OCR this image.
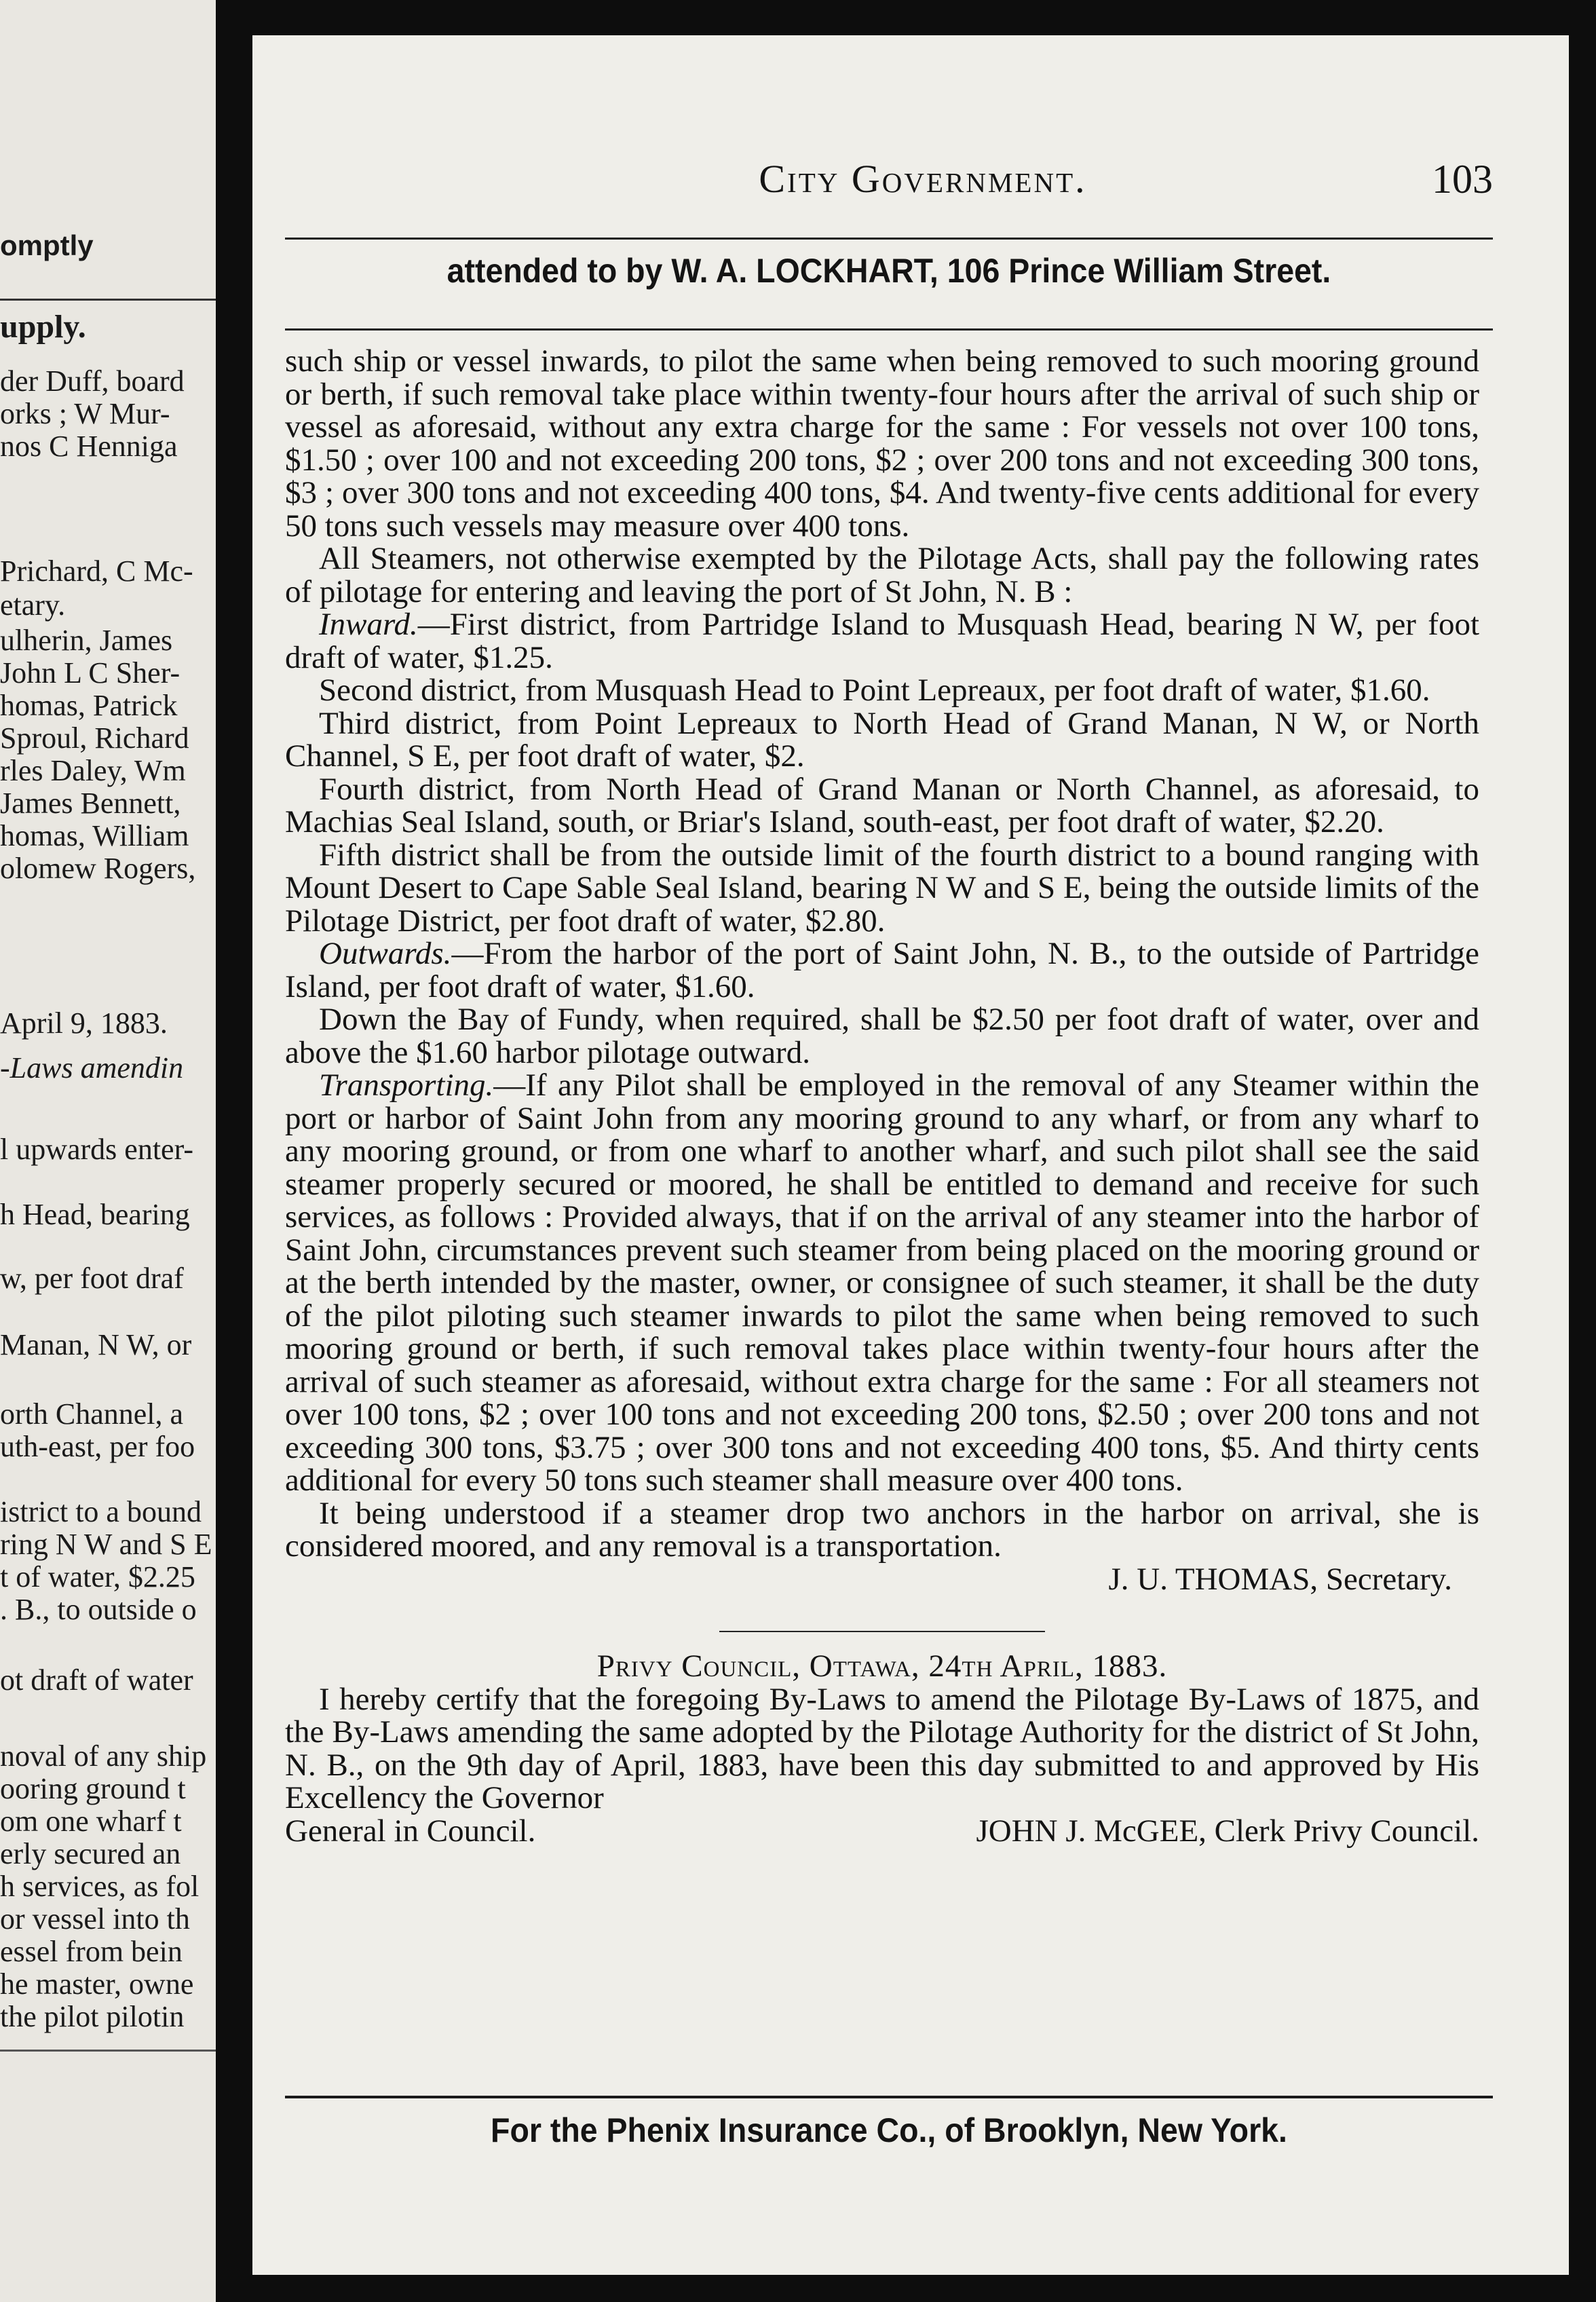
omptly
upply.
der Duff, board
orks ; W Mur-
nos C Henniga
Prichard, C Mc-
etary.
ulherin, James
John L C Sher-
homas, Patrick
Sproul, Richard
rles Daley, Wm
James Bennett,
homas, William
olomew Rogers,
April 9, 1883.
-Laws amendin
l upwards enter-
h Head, bearing
w, per foot draf
Manan, N W, or
orth Channel, a
uth-east, per foo
istrict to a bound
ring N W and S E
t of water, $2.25
. B., to outside o
ot draft of water
noval of any ship
ooring ground t
om one wharf t
erly secured an
h services, as fol
or vessel into th
essel from bein
he master, owne
the pilot pilotin
City Government.	103
attended to by W. A. LOCKHART, 106 Prince William Street.

such ship or vessel inwards, to pilot the same when being removed to such mooring ground or berth, if such removal take place within twenty-four hours after the arrival of such ship or vessel as aforesaid, without any extra charge for the same : For vessels not over 100 tons, $1.50 ; over 100 and not exceeding 200 tons, $2 ; over 200 tons and not exceeding 300 tons, $3 ; over 300 tons and not exceeding 400 tons, $4. And twenty-five cents additional for every 50 tons such vessels may measure over 400 tons.

All Steamers, not otherwise exempted by the Pilotage Acts, shall pay the following rates of pilotage for entering and leaving the port of St John, N. B :

Inward.—First district, from Partridge Island to Musquash Head, bearing N W, per foot draft of water, $1.25.

Second district, from Musquash Head to Point Lepreaux, per foot draft of water, $1.60.

Third district, from Point Lepreaux to North Head of Grand Manan, N W, or North Channel, S E, per foot draft of water, $2.

Fourth district, from North Head of Grand Manan or North Channel, as aforesaid, to Machias Seal Island, south, or Briar's Island, south-east, per foot draft of water, $2.20.

Fifth district shall be from the outside limit of the fourth district to a bound ranging with Mount Desert to Cape Sable Seal Island, bearing N W and S E, being the outside limits of the Pilotage District, per foot draft of water, $2.80.

Outwards.—From the harbor of the port of Saint John, N. B., to the outside of Partridge Island, per foot draft of water, $1.60.

Down the Bay of Fundy, when required, shall be $2.50 per foot draft of water, over and above the $1.60 harbor pilotage outward.

Transporting.—If any Pilot shall be employed in the removal of any Steamer within the port or harbor of Saint John from any mooring ground to any wharf, or from any wharf to any mooring ground, or from one wharf to another wharf, and such pilot shall see the said steamer properly secured or moored, he shall be entitled to demand and receive for such services, as follows : Provided always, that if on the arrival of any steamer into the harbor of Saint John, circumstances prevent such steamer from being placed on the mooring ground or at the berth intended by the master, owner, or consignee of such steamer, it shall be the duty of the pilot piloting such steamer inwards to pilot the same when being removed to such mooring ground or berth, if such removal takes place within twenty-four hours after the arrival of such steamer as aforesaid, without extra charge for the same : For all steamers not over 100 tons, $2 ; over 100 tons and not exceeding 200 tons, $2.50 ; over 200 tons and not exceeding 300 tons, $3.75 ; over 300 tons and not exceeding 400 tons, $5. And thirty cents additional for every 50 tons such steamer shall measure over 400 tons.

It being understood if a steamer drop two anchors in the harbor on arrival, she is considered moored, and any removal is a transportation.

J. U. THOMAS, Secretary.

Privy Council, Ottawa, 24th April, 1883.

I hereby certify that the foregoing By-Laws to amend the Pilotage By-Laws of 1875, and the By-Laws amending the same adopted by the Pilotage Authority for the district of St John, N. B., on the 9th day of April, 1883, have been this day submitted to and approved by His Excellency the Governor

General in Council.	JOHN J. McGEE, Clerk Privy Council.
For the Phenix Insurance Co., of Brooklyn, New York.
